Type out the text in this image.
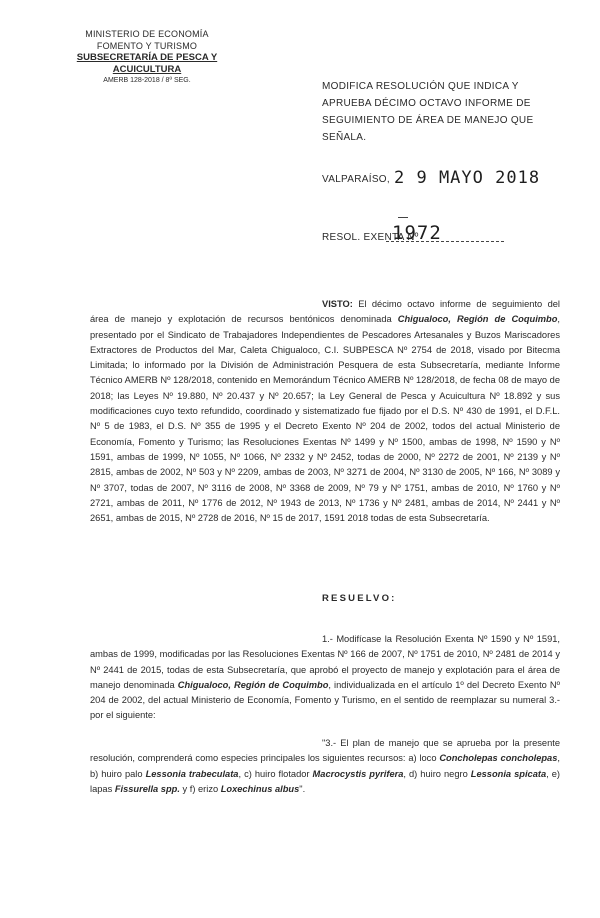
MINISTERIO DE ECONOMÍA
FOMENTO Y TURISMO
SUBSECRETARÍA DE PESCA Y ACUICULTURA
AMERB 128-2018 / 8º SEG.
MODIFICA RESOLUCIÓN QUE INDICA Y APRUEBA DÉCIMO OCTAVO INFORME DE SEGUIMIENTO DE ÁREA DE MANEJO QUE SEÑALA.
VALPARAÍSO, 2 9 MAYO 2018
RESOL. EXENTA Nº
1972
VISTO: El décimo octavo informe de seguimiento del área de manejo y explotación de recursos bentónicos denominada Chigualoco, Región de Coquimbo, presentado por el Sindicato de Trabajadores Independientes de Pescadores Artesanales y Buzos Mariscadores Extractores de Productos del Mar, Caleta Chigualoco, C.I. SUBPESCA Nº 2754 de 2018, visado por Bitecma Limitada; lo informado por la División de Administración Pesquera de esta Subsecretaría, mediante Informe Técnico AMERB Nº 128/2018, contenido en Memorándum Técnico AMERB Nº 128/2018, de fecha 08 de mayo de 2018; las Leyes Nº 19.880, Nº 20.437 y Nº 20.657; la Ley General de Pesca y Acuicultura Nº 18.892 y sus modificaciones cuyo texto refundido, coordinado y sistematizado fue fijado por el D.S. Nº 430 de 1991, el D.F.L. Nº 5 de 1983, el D.S. Nº 355 de 1995 y el Decreto Exento Nº 204 de 2002, todos del actual Ministerio de Economía, Fomento y Turismo; las Resoluciones Exentas Nº 1499 y Nº 1500, ambas de 1998, Nº 1590 y Nº 1591, ambas de 1999, Nº 1055, Nº 1066, Nº 2332 y Nº 2452, todas de 2000, Nº 2272 de 2001, Nº 2139 y Nº 2815, ambas de 2002, Nº 503 y Nº 2209, ambas de 2003, Nº 3271 de 2004, Nº 3130 de 2005, Nº 166, Nº 3089 y Nº 3707, todas de 2007, Nº 3116 de 2008, Nº 3368 de 2009, Nº 79 y Nº 1751, ambas de 2010, Nº 1760 y Nº 2721, ambas de 2011, Nº 1776 de 2012, Nº 1943 de 2013, Nº 1736 y Nº 2481, ambas de 2014, Nº 2441 y Nº 2651, ambas de 2015, Nº 2728 de 2016, Nº 15 de 2017, 1591 2018 todas de esta Subsecretaría.
RESUELVO:
1.- Modifícase la Resolución Exenta Nº 1590 y Nº 1591, ambas de 1999, modificadas por las Resoluciones Exentas Nº 166 de 2007, Nº 1751 de 2010, Nº 2481 de 2014 y Nº 2441 de 2015, todas de esta Subsecretaría, que aprobó el proyecto de manejo y explotación para el área de manejo denominada Chigualoco, Región de Coquimbo, individualizada en el artículo 1º del Decreto Exento Nº 204 de 2002, del actual Ministerio de Economía, Fomento y Turismo, en el sentido de reemplazar su numeral 3.- por el siguiente:
"3.- El plan de manejo que se aprueba por la presente resolución, comprenderá como especies principales los siguientes recursos: a) loco Concholepas concholepas, b) huiro palo Lessonia trabeculata, c) huiro flotador Macrocystis pyrifera, d) huiro negro Lessonia spicata, e) lapas Fissurella spp. y f) erizo Loxechinus albus".
